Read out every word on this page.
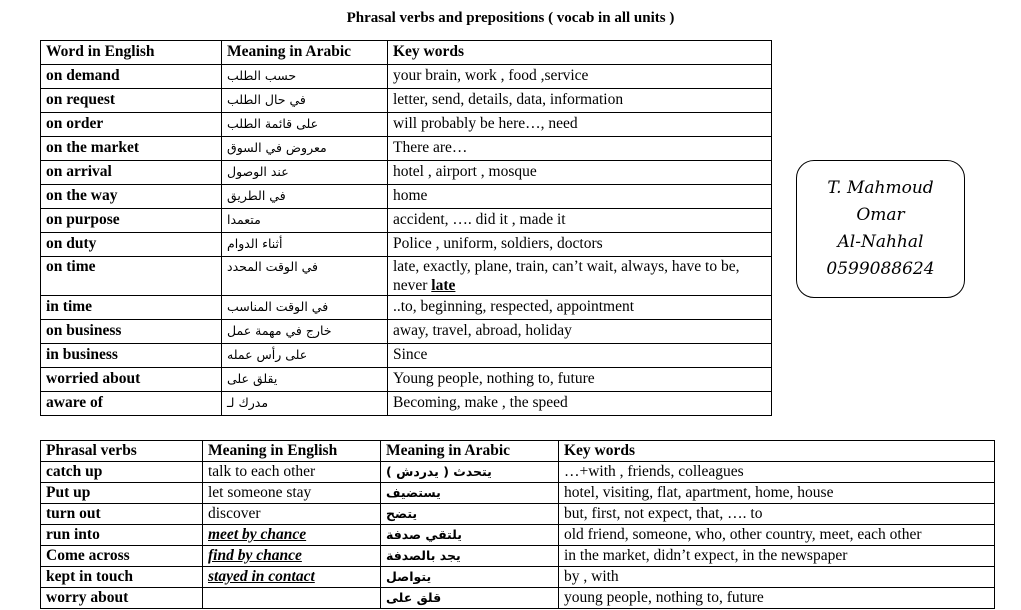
Phrasal verbs and prepositions ( vocab in all units )
Word in English	Meaning in Arabic	Key words
on demand	حسب الطلب	your brain, work , food ,service
on request	في حال الطلب	letter, send, details, data, information
on order	على قائمة الطلب	will probably be here…, need
on the market	معروض في السوق	There are…
on arrival	عند الوصول	hotel , airport , mosque
on the way	في الطريق	home
on purpose	متعمدا	accident, …. did it , made it
on duty	أثناء الدوام	Police , uniform, soldiers, doctors
on time	في الوقت المحدد	late, exactly, plane, train, can’t wait, always, have to be, never late
in time	في الوقت المناسب	..to, beginning, respected, appointment
on business	خارج في مهمة عمل	away, travel, abroad, holiday
in business	على رأس عمله	Since
worried about	يقلق على	Young people, nothing to, future
aware of	مدرك لـ	Becoming, make , the speed
T. Mahmoud
Omar
Al-Nahhal
0599088624
Phrasal verbs	Meaning in English	Meaning in Arabic	Key words
catch up	talk to each other	يتحدث ( يدردش )	…+with , friends, colleagues
Put up	let someone stay	يستضيف	hotel, visiting, flat, apartment, home, house
turn out	discover	يتضح	but, first, not expect, that, …. to
run into	meet by chance	يلتقي صدفة	old friend, someone, who, other country, meet, each other
Come across	find by chance	يجد بالصدفة	in the market, didn’t expect, in the newspaper
kept in touch	stayed in contact	يتواصل	by , with
worry about		قلق على	young people, nothing to, future
